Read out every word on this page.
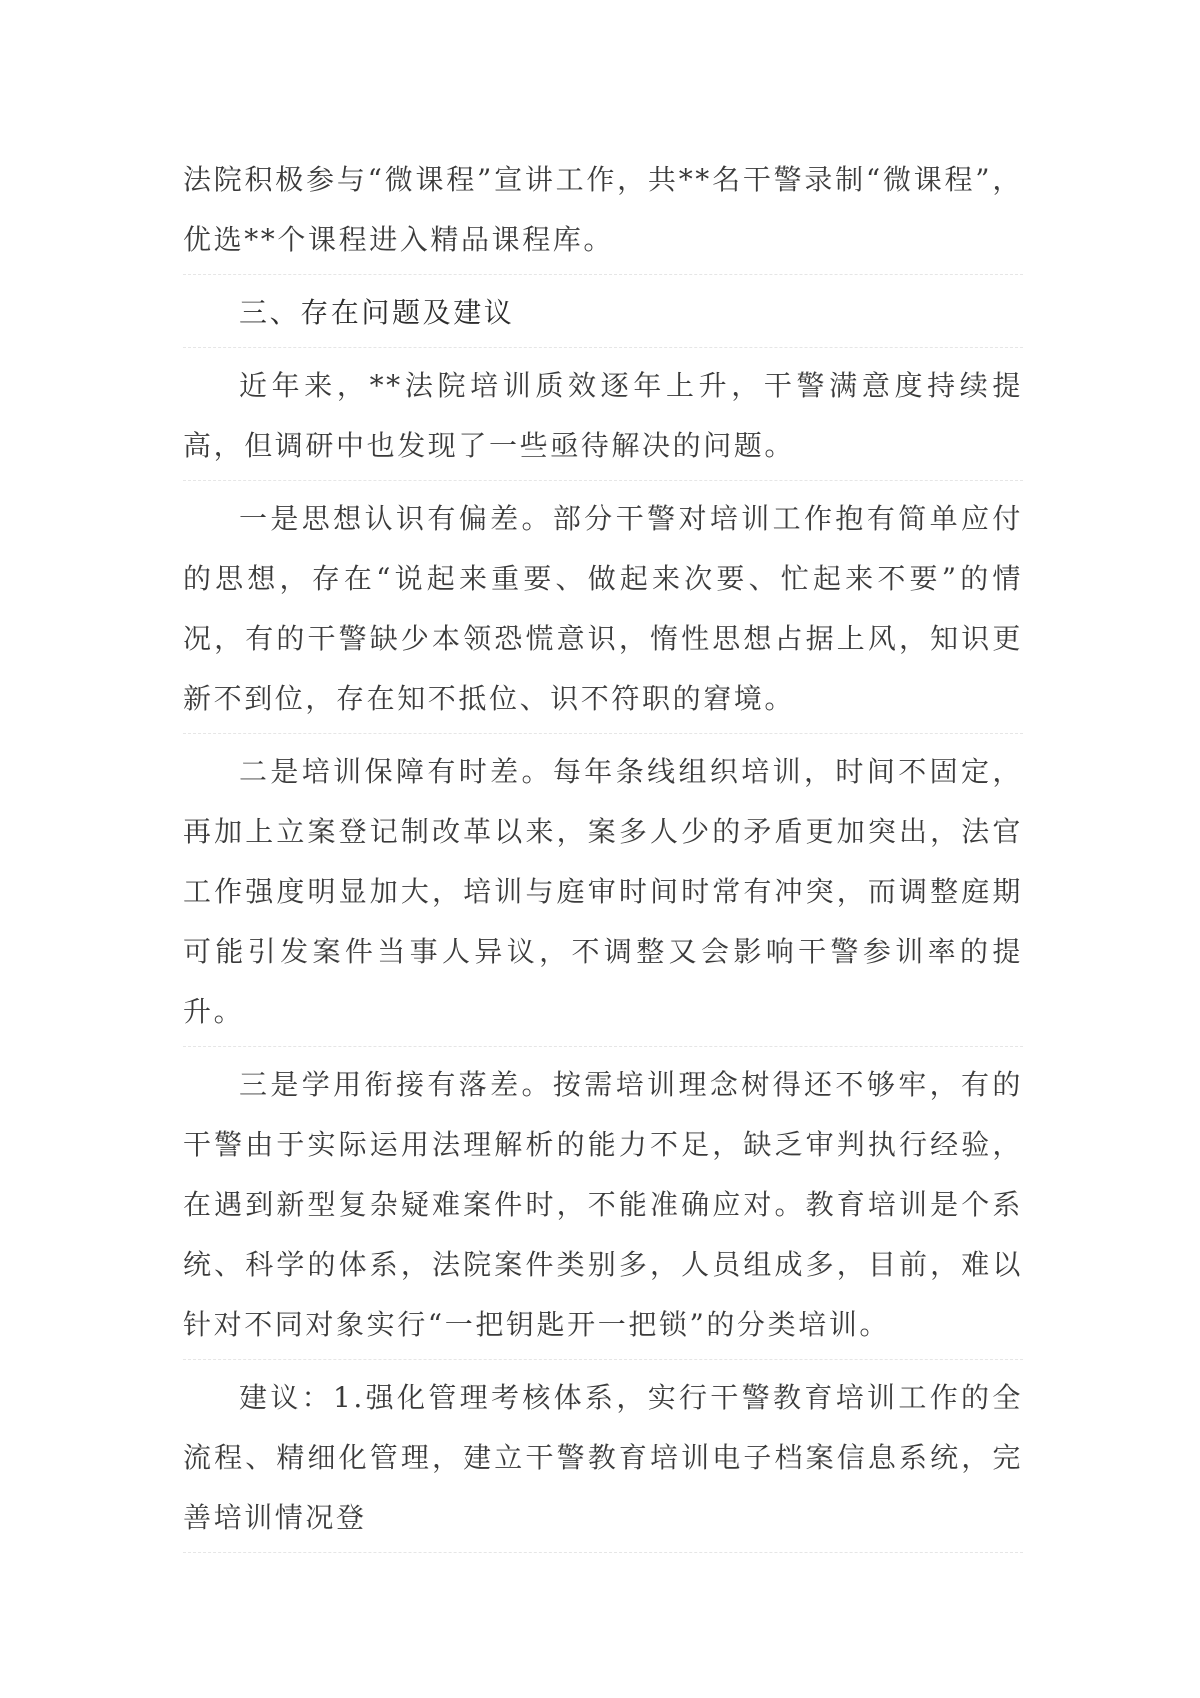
法院积极参与“微课程”宣讲工作，共**名干警录制“微课程”，优选**个课程进入精品课程库。

三、存在问题及建议

近年来，**法院培训质效逐年上升，干警满意度持续提高，但调研中也发现了一些亟待解决的问题。

一是思想认识有偏差。部分干警对培训工作抱有简单应付的思想，存在“说起来重要、做起来次要、忙起来不要”的情况，有的干警缺少本领恐慌意识，惰性思想占据上风，知识更新不到位，存在知不抵位、识不符职的窘境。

二是培训保障有时差。每年条线组织培训，时间不固定，再加上立案登记制改革以来，案多人少的矛盾更加突出，法官工作强度明显加大，培训与庭审时间时常有冲突，而调整庭期可能引发案件当事人异议，不调整又会影响干警参训率的提升。

三是学用衔接有落差。按需培训理念树得还不够牢，有的干警由于实际运用法理解析的能力不足，缺乏审判执行经验，在遇到新型复杂疑难案件时，不能准确应对。教育培训是个系统、科学的体系，法院案件类别多，人员组成多，目前，难以针对不同对象实行“一把钥匙开一把锁”的分类培训。

建议：1.强化管理考核体系，实行干警教育培训工作的全流程、精细化管理，建立干警教育培训电子档案信息系统，完善培训情况登
